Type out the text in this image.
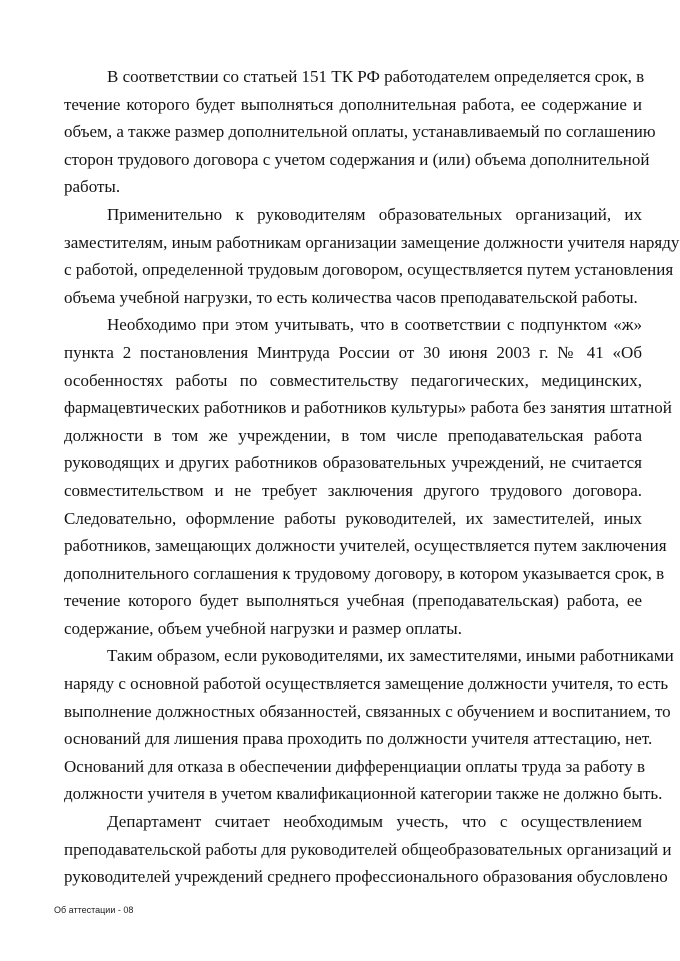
В соответствии со статьей 151 ТК РФ работодателем определяется срок, в
течение которого будет выполняться дополнительная работа, ее содержание и
объем, а также размер дополнительной оплаты, устанавливаемый по соглашению
сторон трудового договора с учетом содержания и (или) объема дополнительной
работы.
Применительно к руководителям образовательных организаций, их
заместителям, иным работникам организации замещение должности учителя наряду
с работой, определенной трудовым договором, осуществляется путем установления
объема учебной нагрузки, то есть количества часов преподавательской работы.
Необходимо при этом учитывать, что в соответствии с подпунктом «ж»
пункта 2 постановления Минтруда России от 30 июня 2003 г. № 41 «Об
особенностях работы по совместительству педагогических, медицинских,
фармацевтических работников и работников культуры» работа без занятия штатной
должности в том же учреждении, в том числе преподавательская работа
руководящих и других работников образовательных учреждений, не считается
совместительством и не требует заключения другого трудового договора.
Следовательно, оформление работы руководителей, их заместителей, иных
работников, замещающих должности учителей, осуществляется путем заключения
дополнительного соглашения к трудовому договору, в котором указывается срок, в
течение которого будет выполняться учебная (преподавательская) работа, ее
содержание, объем учебной нагрузки и размер оплаты.
Таким образом, если руководителями, их заместителями, иными работниками
наряду с основной работой осуществляется замещение должности учителя, то есть
выполнение должностных обязанностей, связанных с обучением и воспитанием, то
оснований для лишения права проходить по должности учителя аттестацию, нет.
Оснований для отказа в обеспечении дифференциации оплаты труда за работу в
должности учителя в учетом квалификационной категории также не должно быть.
Департамент считает необходимым учесть, что с осуществлением
преподавательской работы для руководителей общеобразовательных организаций и
руководителей учреждений среднего профессионального образования обусловлено
Об аттестации - 08
